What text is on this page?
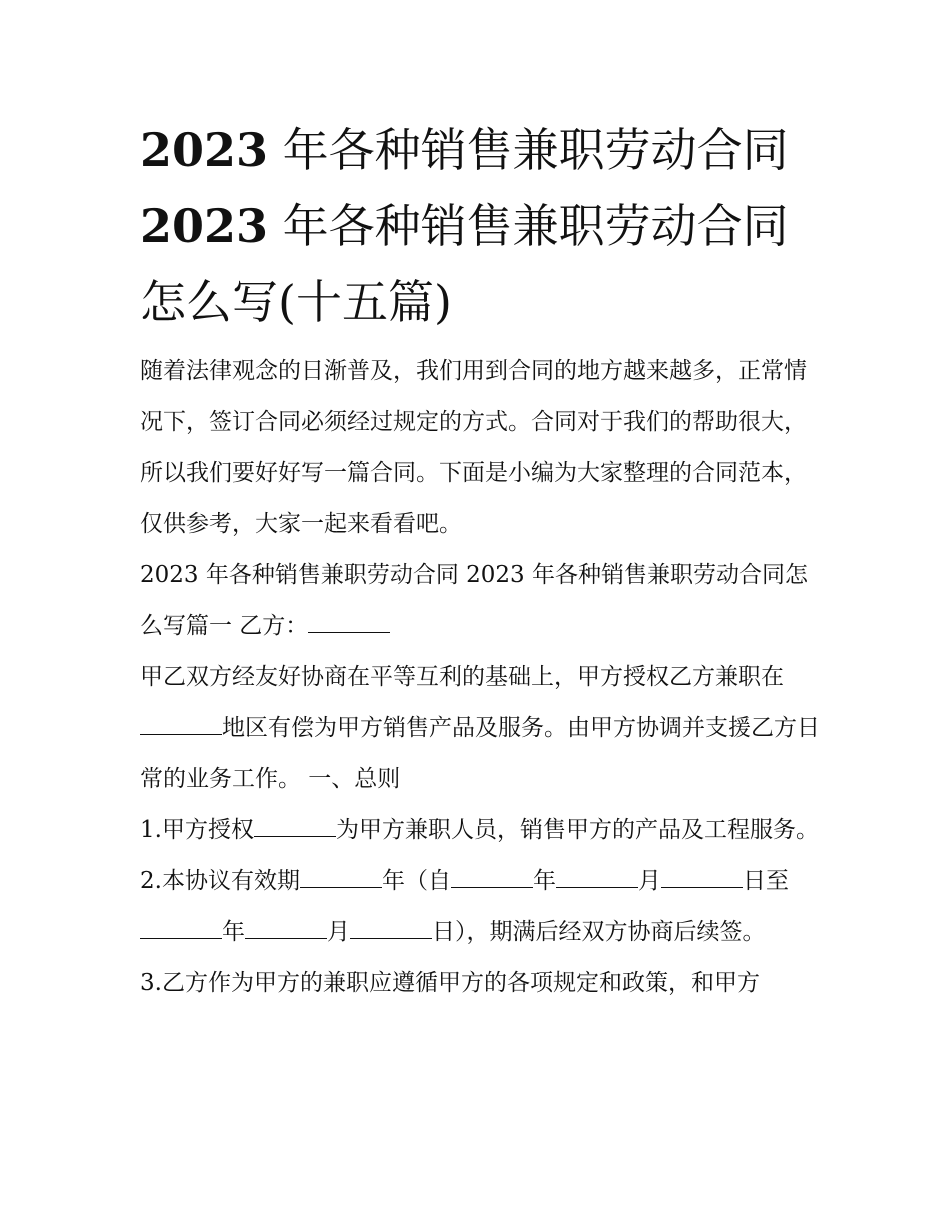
2023 年各种销售兼职劳动合同
2023 年各种销售兼职劳动合同
怎么写(十五篇)

随着法律观念的日渐普及，我们用到合同的地方越来越多，正常情况下，签订合同必须经过规定的方式。合同对于我们的帮助很大，所以我们要好好写一篇合同。下面是小编为大家整理的合同范本，仅供参考，大家一起来看看吧。

2023 年各种销售兼职劳动合同 2023 年各种销售兼职劳动合同怎么写篇一 乙方：

甲乙双方经友好协商在平等互利的基础上，甲方授权乙方兼职在地区有偿为甲方销售产品及服务。由甲方协调并支援乙方日常的业务工作。 一、总则

1.甲方授权	为甲方兼职人员，销售甲方的产品及工程服务。

2.本协议有效期	年（自	年	月	日至年	月	日），期满后经双方协商后续签。

3.乙方作为甲方的兼职应遵循甲方的各项规定和政策，和甲方
